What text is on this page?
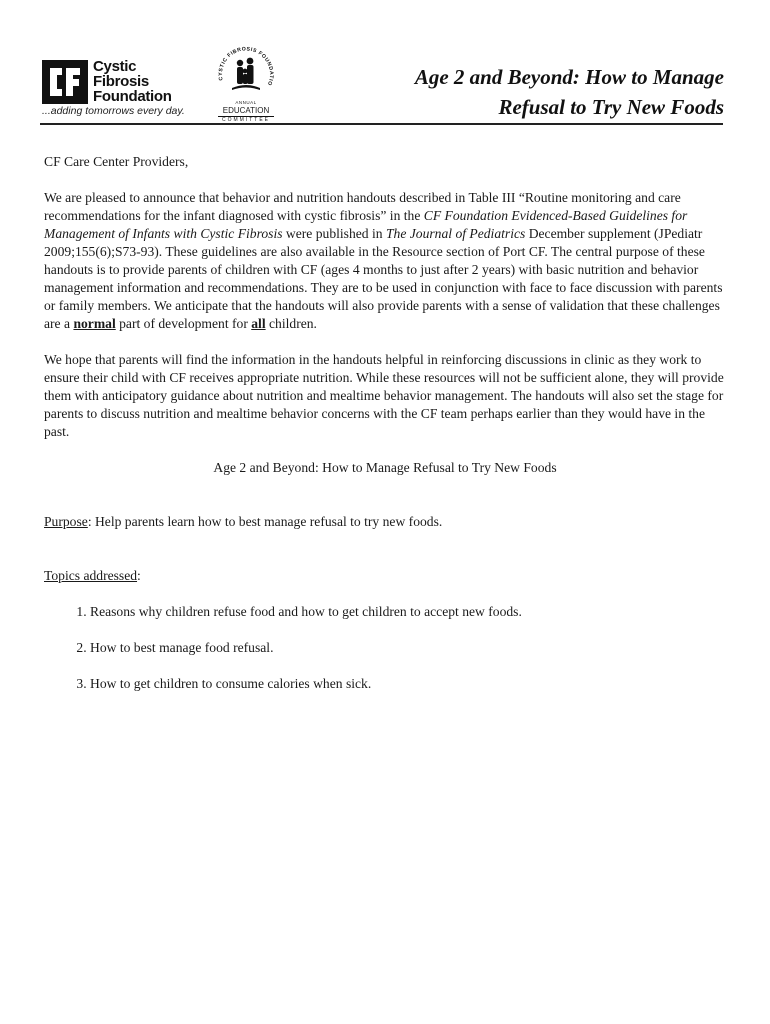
Cystic
Fibrosis
Foundation
...adding tomorrows every day.
CYSTIC FIBROSIS FOUNDATIO
ANNUAL
EDUCATION
COMMITTEE
Age 2 and Beyond: How to Manage
Refusal to Try New Foods

CF Care Center Providers,

We are pleased to announce that behavior and nutrition handouts described in Table III “Routine monitoring and care recommendations for the infant diagnosed with cystic fibrosis” in the CF Foundation Evidenced-Based Guidelines for Management of Infants with Cystic Fibrosis were published in The Journal of Pediatrics December supplement (JPediatr 2009;155(6);S73-93). These guidelines are also available in the Resource section of Port CF. The central purpose of these handouts is to provide parents of children with CF (ages 4 months to just after 2 years) with basic nutrition and behavior management information and recommendations. They are to be used in conjunction with face to face discussion with parents or family members. We anticipate that the handouts will also provide parents with a sense of validation that these challenges are a normal part of development for all children.

We hope that parents will find the information in the handouts helpful in reinforcing discussions in clinic as they work to ensure their child with CF receives appropriate nutrition. While these resources will not be sufficient alone, they will provide them with anticipatory guidance about nutrition and mealtime behavior management. The handouts will also set the stage for parents to discuss nutrition and mealtime behavior concerns with the CF team perhaps earlier than they would have in the past.

Age 2 and Beyond: How to Manage Refusal to Try New Foods

Purpose: Help parents learn how to best manage refusal to try new foods.

Topics addressed:

1. Reasons why children refuse food and how to get children to accept new foods.
2. How to best manage food refusal.
3. How to get children to consume calories when sick.
